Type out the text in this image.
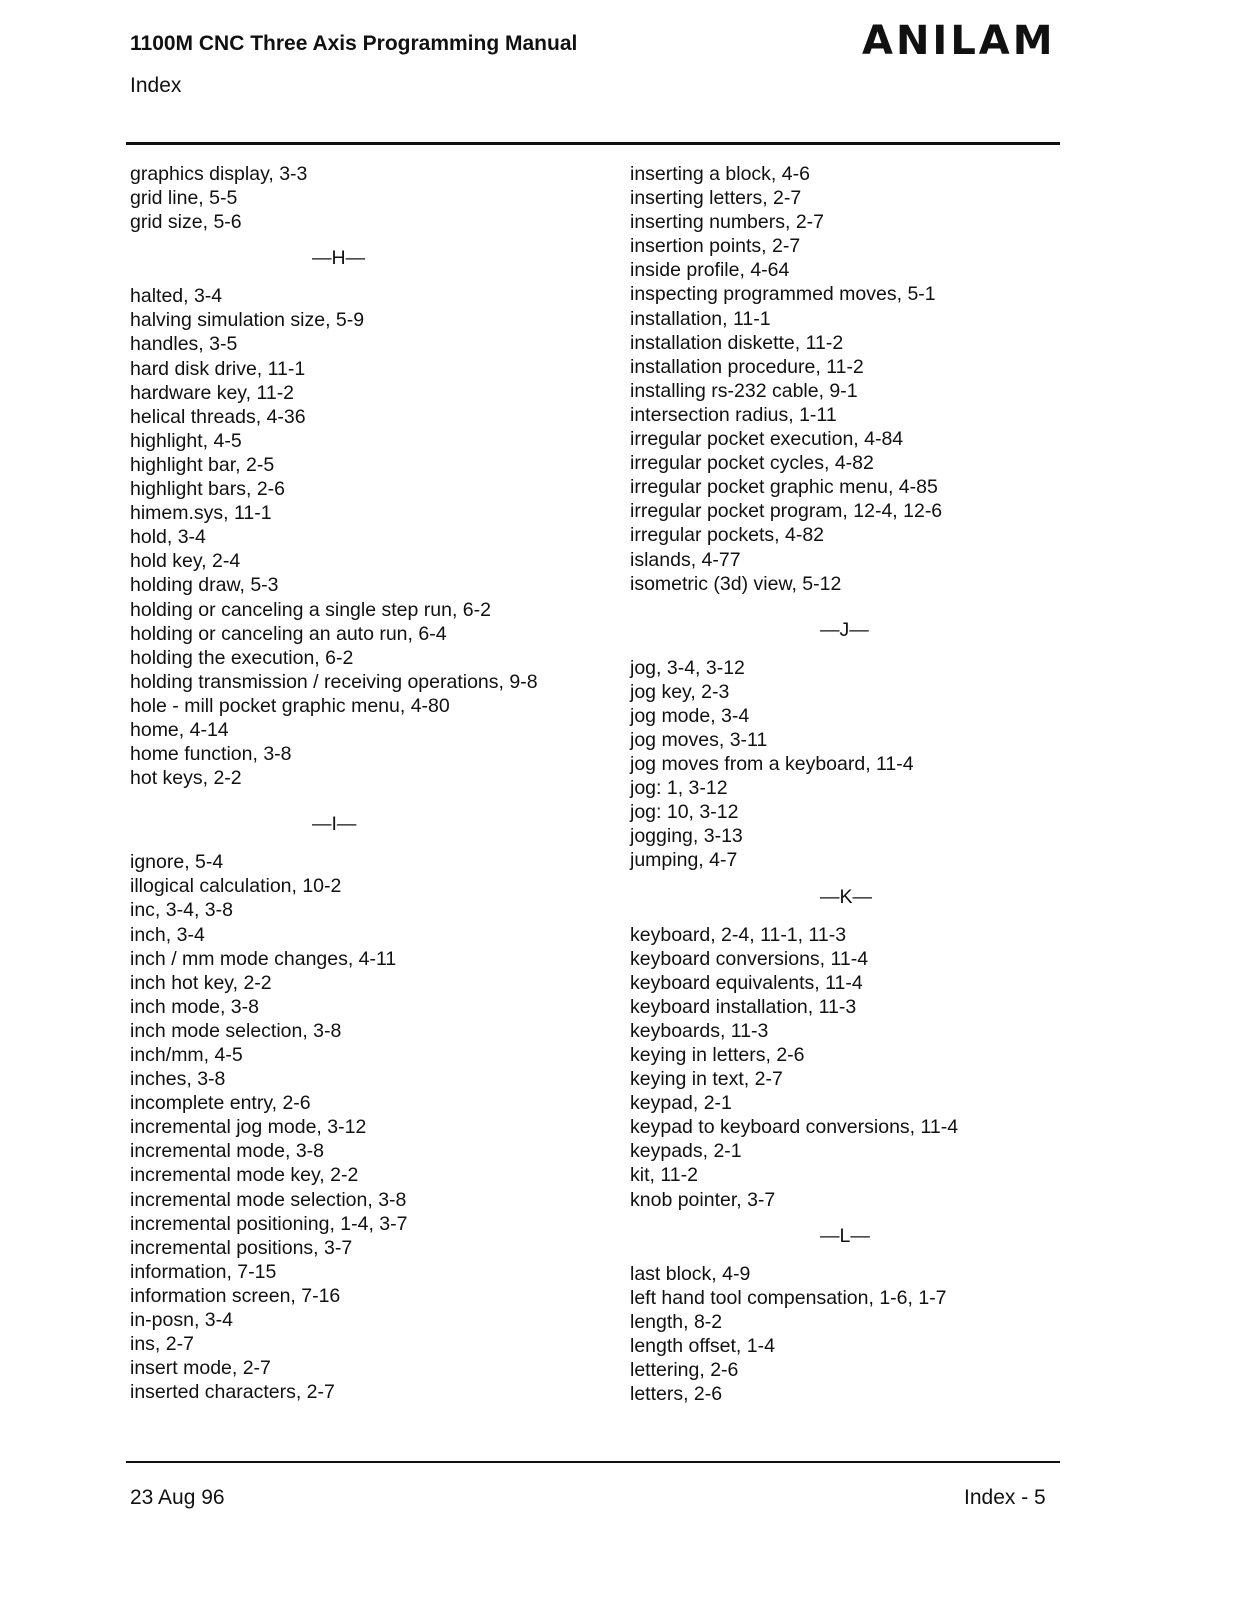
1100M CNC Three Axis Programming Manual
Index
ANILAM
graphics display, 3-3
grid line, 5-5
grid size, 5-6
—H—
halted, 3-4
halving simulation size, 5-9
handles, 3-5
hard disk drive, 11-1
hardware key, 11-2
helical threads, 4-36
highlight, 4-5
highlight bar, 2-5
highlight bars, 2-6
himem.sys, 11-1
hold, 3-4
hold key, 2-4
holding draw, 5-3
holding or canceling a single step run, 6-2
holding or canceling an auto run, 6-4
holding the execution, 6-2
holding transmission / receiving operations, 9-8
hole - mill pocket graphic menu, 4-80
home, 4-14
home function, 3-8
hot keys, 2-2
—I—
ignore, 5-4
illogical calculation, 10-2
inc, 3-4, 3-8
inch, 3-4
inch / mm mode changes, 4-11
inch hot key, 2-2
inch mode, 3-8
inch mode selection, 3-8
inch/mm, 4-5
inches, 3-8
incomplete entry, 2-6
incremental jog mode, 3-12
incremental mode, 3-8
incremental mode key, 2-2
incremental mode selection, 3-8
incremental positioning, 1-4, 3-7
incremental positions, 3-7
information, 7-15
information screen, 7-16
in-posn, 3-4
ins, 2-7
insert mode, 2-7
inserted characters, 2-7
inserting a block, 4-6
inserting letters, 2-7
inserting numbers, 2-7
insertion points, 2-7
inside profile, 4-64
inspecting programmed moves, 5-1
installation, 11-1
installation diskette, 11-2
installation procedure, 11-2
installing rs-232 cable, 9-1
intersection radius, 1-11
irregular pocket execution, 4-84
irregular pocket cycles, 4-82
irregular pocket graphic menu, 4-85
irregular pocket program, 12-4, 12-6
irregular pockets, 4-82
islands, 4-77
isometric (3d) view, 5-12
—J—
jog, 3-4, 3-12
jog key, 2-3
jog mode, 3-4
jog moves, 3-11
jog moves from a keyboard, 11-4
jog: 1, 3-12
jog: 10, 3-12
jogging, 3-13
jumping, 4-7
—K—
keyboard, 2-4, 11-1, 11-3
keyboard conversions, 11-4
keyboard equivalents, 11-4
keyboard installation, 11-3
keyboards, 11-3
keying in letters, 2-6
keying in text, 2-7
keypad, 2-1
keypad to keyboard conversions, 11-4
keypads, 2-1
kit, 11-2
knob pointer, 3-7
—L—
last block, 4-9
left hand tool compensation, 1-6, 1-7
length, 8-2
length offset, 1-4
lettering, 2-6
letters, 2-6
23 Aug 96	Index - 5
